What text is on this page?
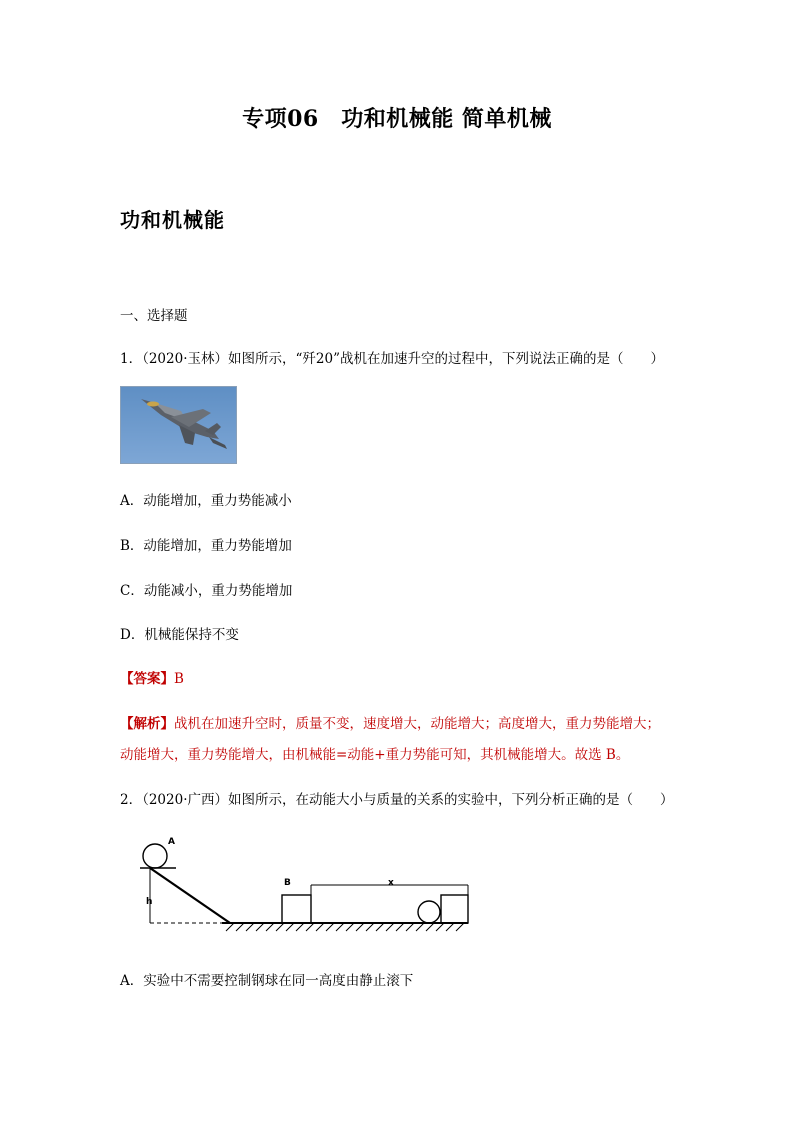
专项06　功和机械能 简单机械
功和机械能
一、选择题
1．（2020·玉林）如图所示，“歼20”战机在加速升空的过程中，下列说法正确的是（　　）
A．动能增加，重力势能减小
B．动能增加，重力势能增加
C．动能减小，重力势能增加
D．机械能保持不变
【答案】B
【解析】战机在加速升空时，质量不变，速度增大，动能增大；高度增大，重力势能增大；
动能增大，重力势能增大，由机械能=动能+重力势能可知，其机械能增大。故选 B。
2．（2020·广西）如图所示，在动能大小与质量的关系的实验中，下列分析正确的是（　　）
A
B
h
x
A．实验中不需要控制钢球在同一高度由静止滚下
